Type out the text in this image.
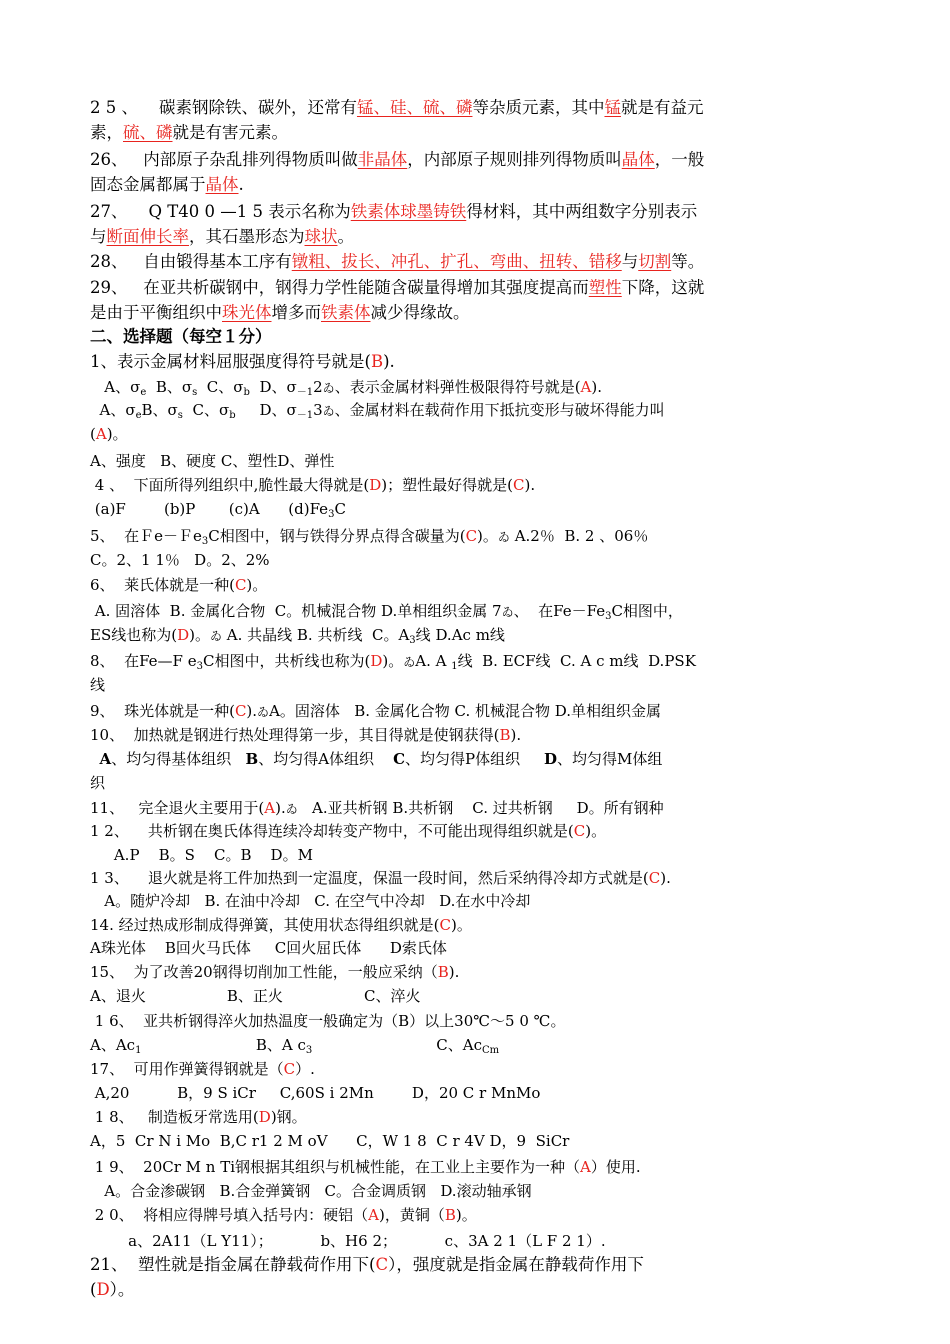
2 5 、    碳素钢除铁、碳外，还常有锰、硅、硫、磷等杂质元素，其中锰就是有益元
素，硫、磷就是有害元素。
26、   内部原子杂乱排列得物质叫做非晶体，内部原子规则排列得物质叫晶体，一般
固态金属都属于晶体.
27、    Q T40 0 —1 5 表示名称为铁素体球墨铸铁得材料，其中两组数字分别表示
与断面伸长率，其石墨形态为球状。
28、   自由锻得基本工序有镦粗、拔长、冲孔、扩孔、弯曲、扭转、错移与切割等。
29、   在亚共析碳钢中，钢得力学性能随含碳量得增加其强度提高而塑性下降，这就
是由于平衡组织中珠光体增多而铁素体减少得缘故。
二、选择题（每空１分）
1、表示金属材料屈服强度得符号就是(B).
A、$\sigma_e$  B、$\sigma_s$  C、$\sigma_b$  D、$\sigma_{-1}2$ゐ、表示金属材料弹性极限得符号就是(A).
A、$\sigma_eB$、$\sigma_s$  C、$\sigma_b$     D、$\sigma_{-1}3$ゐ、金属材料在载荷作用下抵抗变形与破坏得能力叫
(A)。
A、强度   B、硬度 C、塑性D、弹性
4 、  下面所得列组织中,脆性最大得就是(D)；塑性最好得就是(C).
(a)F        (b)P       (c)A      $(d)Fe_3C$
5、  在Ｆe－Ｆe$_3$C相图中，钢与铁得分界点得含碳量为(C)。ゐ A.2％  B. 2 、06％
C。2、1 1％   D。2、2%
6、  莱氏体就是一种(C)。
A. 固溶体  B. 金属化合物  C。机械混合物 D.单相组织金属 7ゐ、  在$Fe-Fe_3C$相图中，
ES线也称为(D)。ゐ A. 共晶线 B. 共析线  C。$A_3$线 D.Ac m线
8、  在Fe—F $e_3C$相图中，共析线也称为(D)。ゐA. A $_1$线  B. ECF线  C. A c m线  D.PSK
线
9、  珠光体就是一种(C).ゐA。固溶体   B. 金属化合物 C. 机械混合物 D.单相组织金属
10、  加热就是钢进行热处理得第一步，其目得就是使钢获得(B).
A、均匀得基体组织   B、均匀得A体组织    C、均匀得P体组织     D、均匀得M体组
织
11、   完全退火主要用于(A).ゐ   A.亚共析钢 B.共析钢    C. 过共析钢     D。所有钢种
1 2、    共析钢在奥氏体得连续冷却转变产物中，不可能出现得组织就是(C)。
A.P    B。S    C。B    D。M
1 3、    退火就是将工件加热到一定温度，保温一段时间，然后采纳得冷却方式就是(C).
A。随炉冷却   B. 在油中冷却   C. 在空气中冷却   D.在水中冷却
14. 经过热成形制成得弹簧，其使用状态得组织就是(C)。
A珠光体    B回火马氏体     C回火屈氏体      D索氏体
15、  为了改善20钢得切削加工性能，一般应采纳（B).
A、退火                 B、正火                 C、淬火
1 6、  亚共析钢得淬火加热温度一般确定为（B）以上30℃～5 0 ℃。
A、$Ac_1$                        B、A $c_3$                          C、$Ac_{Cm}$
17、  可用作弹簧得钢就是（C）.
A,20          B，9 S iCr     C,60S i 2Mn        D，20 C r MnMo
1 8、   制造板牙常选用(D)钢。
A，5  Cr N i Mo  B,C r1 2 M oV      C，W 1 8  C r 4V D，9  SiCr
1 9、  20Cr M n Ti钢根据其组织与机械性能，在工业上主要作为一种（A）使用.
A。合金渗碳钢   B.合金弹簧钢   C。合金调质钢   D.滚动轴承钢
2 0、  将相应得牌号填入括号内：硬铝（A)，黄铜（B)。
a、2A11（L Y11）；          b、H6 2；          c、3A 2 1（L F 2 1）.
21、  塑性就是指金属在静载荷作用下(C），强度就是指金属在静载荷作用下
(D）。
